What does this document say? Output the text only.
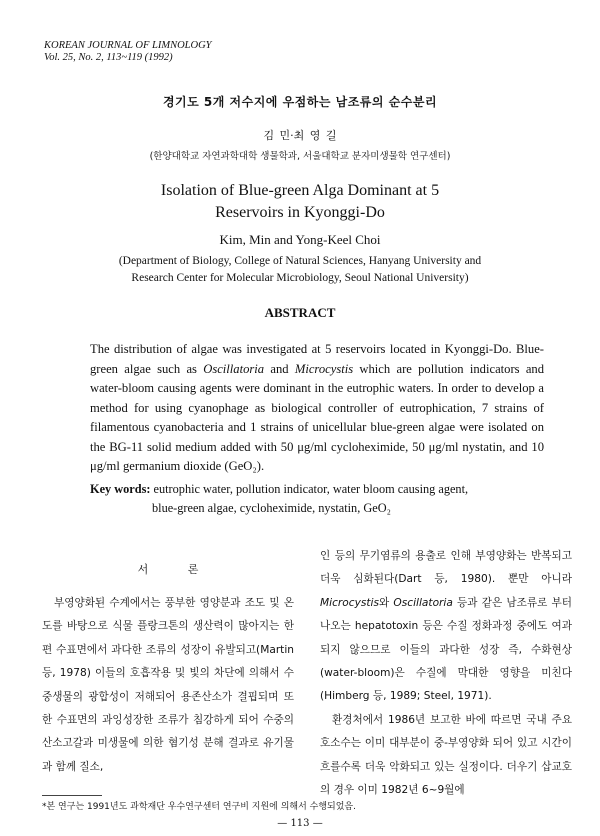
KOREAN JOURNAL OF LIMNOLOGY
Vol. 25, No. 2, 113~119 (1992)
경기도 5개 저수지에 우점하는 남조류의 순수분리
김 민·최 영 길
(한양대학교 자연과학대학 생물학과, 서울대학교 분자미생물학 연구센터)
Isolation of Blue-green Alga Dominant at 5
Reservoirs in Kyonggi-Do
Kim, Min and Yong-Keel Choi
(Department of Biology, College of Natural Sciences, Hanyang University and
Research Center for Molecular Microbiology, Seoul National University)
ABSTRACT
The distribution of algae was investigated at 5 reservoirs located in Kyonggi-Do. Blue-green algae such as Oscillatoria and Microcystis which are pollution indicators and water-bloom causing agents were dominant in the eutrophic waters. In order to develop a method for using cyanophage as biological controller of eutrophication, 7 strains of filamentous cyanobacteria and 1 strains of unicellular blue-green algae were isolated on the BG-11 solid medium added with 50 μg/ml cycloheximide, 50 μg/ml nystatin, and 10 μg/ml germanium dioxide (GeO₂).
Key words: eutrophic water, pollution indicator, water bloom causing agent,
blue-green algae, cycloheximide, nystatin, GeO₂
서 론

부영양화된 수계에서는 풍부한 영양분과 조도 및 온도를 바탕으로 식물 플랑크톤의 생산력이 많아지는 한편 수표면에서 과다한 조류의 성장이 유발되고(Martin 등, 1978) 이들의 호흡작용 및 빛의 차단에 의해서 수중생물의 광합성이 저해되어 용존산소가 결핍되며 또한 수표면의 과잉성장한 조류가 침강하게 되어 수중의 산소고갈과 미생물에 의한 혐기성 분해 결과로 유기물과 함께 질소,

인 등의 무기염류의 용출로 인해 부영양화는 반복되고 더욱 심화된다(Dart 등, 1980). 뿐만 아니라 Microcystis와 Oscillatoria 등과 같은 남조류로 부터 나오는 hepatotoxin 등은 수질 정화과정 중에도 여과되지 않으므로 이들의 과다한 성장 즉, 수화현상(water-bloom)은 수질에 막대한 영향을 미친다(Himberg 등, 1989; Steel, 1971).

환경처에서 1986년 보고한 바에 따르면 국내 주요 호소수는 이미 대부분이 중-부영양화 되어 있고 시간이 흐를수록 더욱 악화되고 있는 실정이다. 더우기 삽교호의 경우 이미 1982년 6~9월에

*본 연구는 1991년도 과학재단 우수연구센터 연구비 지원에 의해서 수행되었음.
— 113 —
